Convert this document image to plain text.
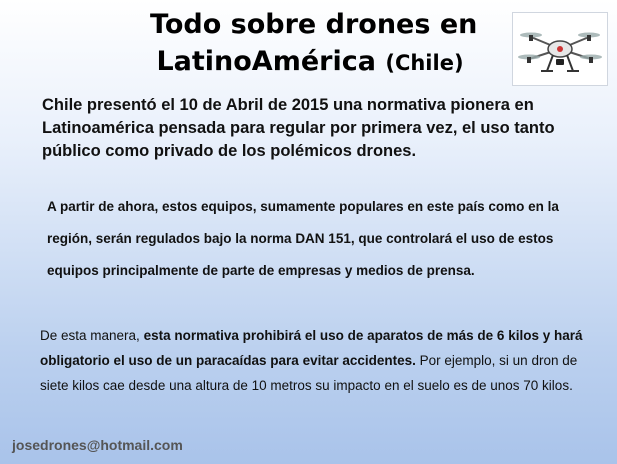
Todo sobre drones en
LatinoAmérica (Chile)

Chile presentó el 10 de Abril de 2015 una normativa pionera en Latinoamérica pensada para regular por primera vez, el uso tanto público como privado de los polémicos drones.

A partir de ahora, estos equipos, sumamente populares en este país como en la región, serán regulados bajo la norma DAN 151, que controlará el uso de estos equipos principalmente de parte de empresas y medios de prensa.

De esta manera, esta normativa prohibirá el uso de aparatos de más de 6 kilos y hará obligatorio el uso de un paracaídas para evitar accidentes. Por ejemplo, si un dron de siete kilos cae desde una altura de 10 metros su impacto en el suelo es de unos 70 kilos.

josedrones@hotmail.com
